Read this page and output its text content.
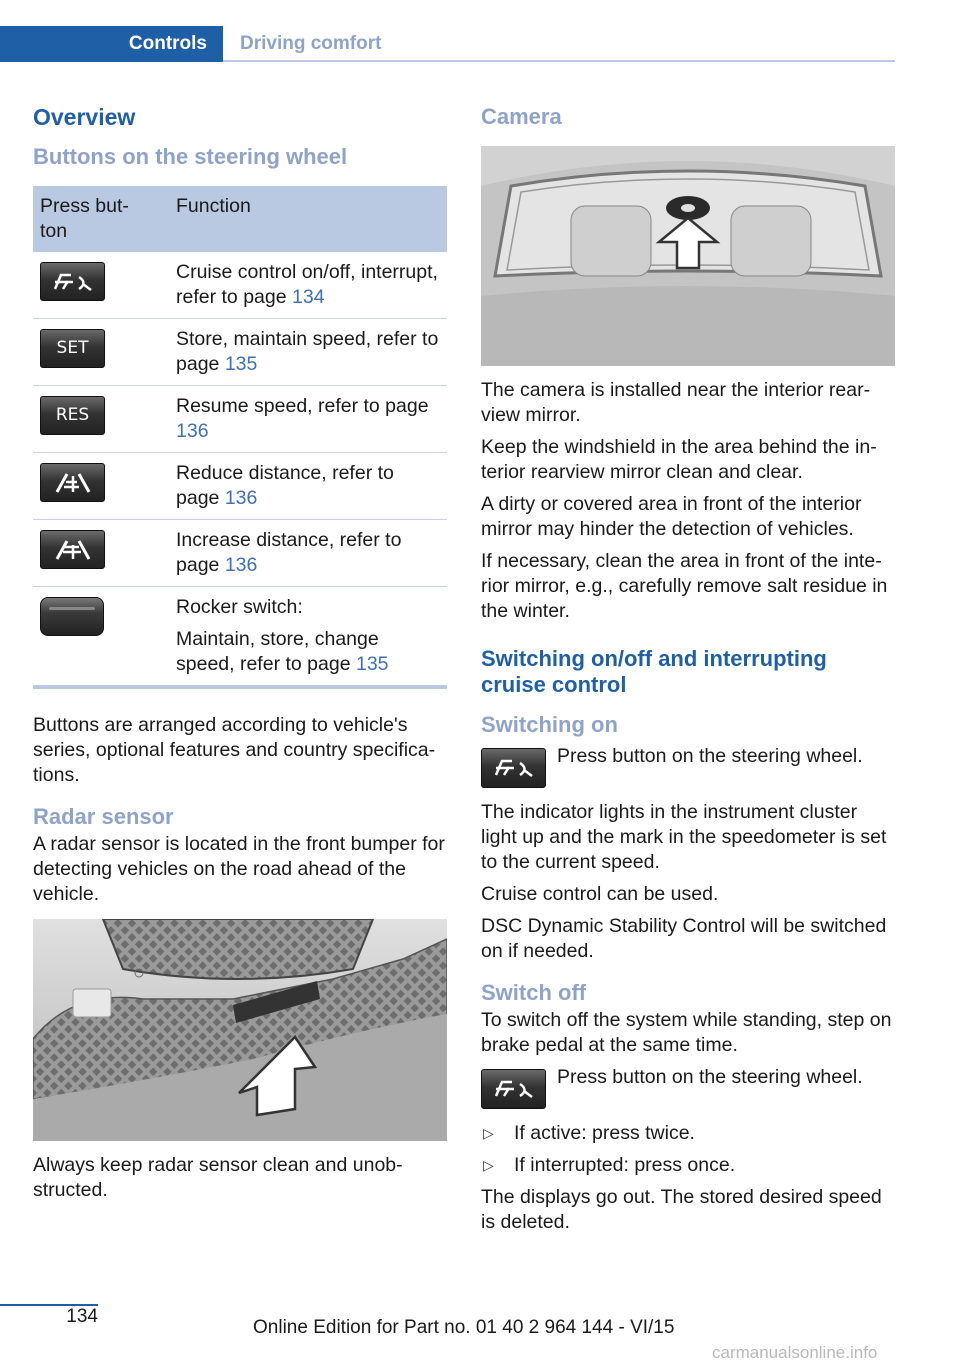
Controls	Driving comfort
Overview
Buttons on the steering wheel
Press but-
ton	Function

	Cruise control on/off, interrupt, refer to page 134

SET	Store, maintain speed, refer to page 135

RES	Resume speed, refer to page 136

	Reduce distance, refer to page 136

	Increase distance, refer to page 136

	Rocker switch:

Maintain, store, change speed, refer to page 135

Buttons are arranged according to vehicle's series, optional features and country specifica-tions.

Radar sensor

A radar sensor is located in the front bumper for detecting vehicles on the road ahead of the vehicle.

Always keep radar sensor clean and unob-structed.

Camera

The camera is installed near the interior rear-view mirror.

Keep the windshield in the area behind the in-terior rearview mirror clean and clear.

A dirty or covered area in front of the interior mirror may hinder the detection of vehicles.

If necessary, clean the area in front of the inte-rior mirror, e.g., carefully remove salt residue in the winter.

Switching on/off and interrupting cruise control
Switching on
Press button on the steering wheel.

The indicator lights in the instrument cluster light up and the mark in the speedometer is set to the current speed.

Cruise control can be used.

DSC Dynamic Stability Control will be switched on if needed.

Switch off

To switch off the system while standing, step on brake pedal at the same time.

Press button on the steering wheel.
▷ If active: press twice.
▷ If interrupted: press once.

The displays go out. The stored desired speed is deleted.

134
Online Edition for Part no. 01 40 2 964 144 - VI/15
carmanualsonline.info
